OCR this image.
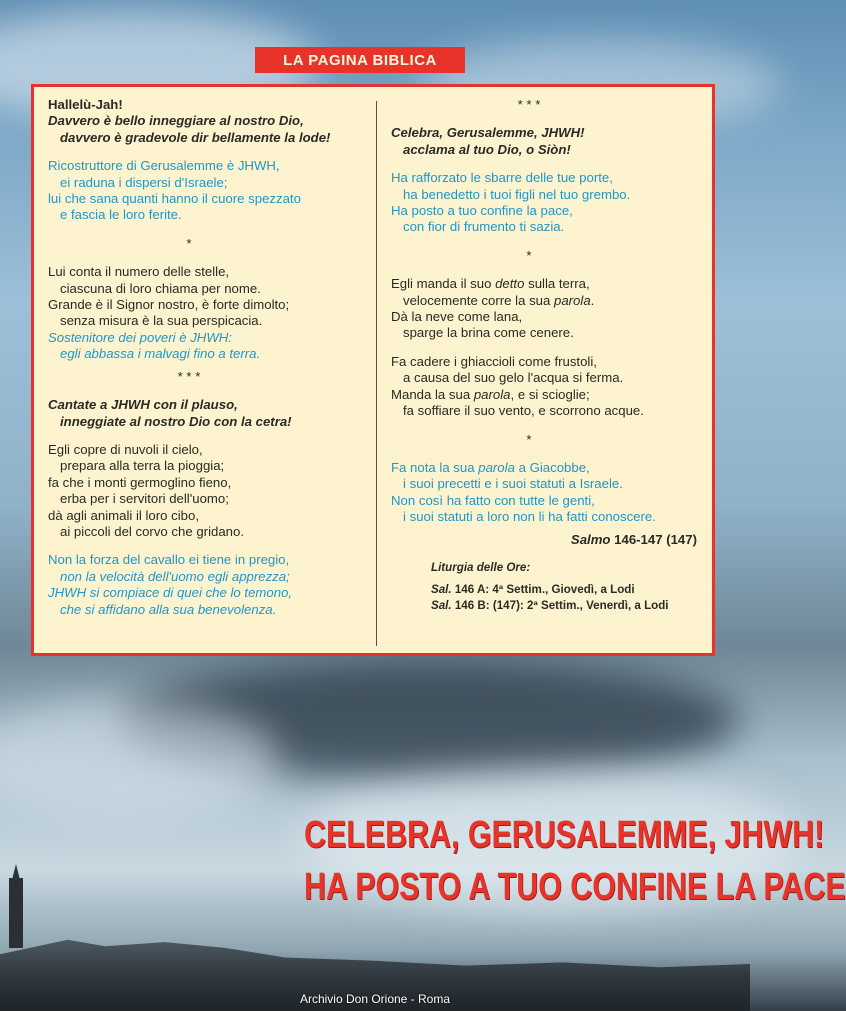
LA PAGINA BIBLICA

Hallelù-Jah!

Davvero è bello inneggiare al nostro Dio,

davvero è gradevole dir bellamente la lode!

Ricostruttore di Gerusalemme è JHWH,

ei raduna i dispersi d'Israele;

lui che sana quanti hanno il cuore spezzato

e fascia le loro ferite.

*

Lui conta il numero delle stelle,

ciascuna di loro chiama per nome.

Grande è il Signor nostro, è forte dimolto;

senza misura è la sua perspicacia.

Sostenitore dei poveri è JHWH:

egli abbassa i malvagi fino a terra.

* * *

Cantate a JHWH con il plauso,

inneggiate al nostro Dio con la cetra!

Egli copre di nuvoli il cielo,

prepara alla terra la pioggia;

fa che i monti germoglino fieno,

erba per i servitori dell'uomo;

dà agli animali il loro cibo,

ai piccoli del corvo che gridano.

Non la forza del cavallo ei tiene in pregio,

non la velocità dell'uomo egli apprezza;

JHWH si compiace di quei che lo temono,

che si affidano alla sua benevolenza.

* * *

Celebra, Gerusalemme, JHWH!

acclama al tuo Dio, o Siòn!

Ha rafforzato le sbarre delle tue porte,

ha benedetto i tuoi figli nel tuo grembo.

Ha posto a tuo confine la pace,

con fior di frumento ti sazia.

*

Egli manda il suo detto sulla terra,

velocemente corre la sua parola.

Dà la neve come lana,

sparge la brina come cenere.

Fa cadere i ghiaccioli come frustoli,

a causa del suo gelo l'acqua si ferma.

Manda la sua parola, e si scioglie;

fa soffiare il suo vento, e scorrono acque.

*

Fa nota la sua parola a Giacobbe,

i suoi precetti e i suoi statuti a Israele.

Non così ha fatto con tutte le genti,

i suoi statuti a loro non li ha fatti conoscere.

Salmo 146-147 (147)

Liturgia delle Ore:

Sal. 146 A: 4ª Settim., Giovedì, a Lodi

Sal. 146 B: (147): 2ª Settim., Venerdì, a Lodi

CELEBRA, GERUSALEMME, JHWH!
HA POSTO A TUO CONFINE LA PACE
Archivio Don Orione - Roma
